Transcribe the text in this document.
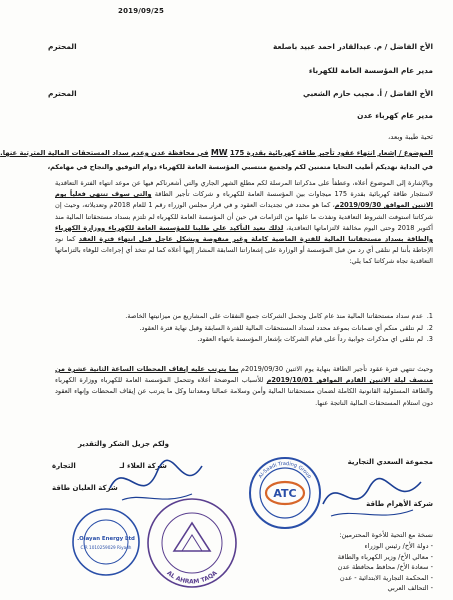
2019/09/25
الأخ الفاضل / م. عبدالقادر احمد عبيد باصلعة
المحترم
مدير عام المؤسسة العامة للكهرباء
الأخ الفاضل / أ. مجيب حازم الشعبي
المحترم
مدير عام كهرباء عدن
تحية طيبة وبعد،
الموضوع / إشعار انتهاء عقود تأجير طاقة كهربائية بقدرة 175 MW في محافظة عدن وعدم سداد المستحقات المالية المترتبة عنها.
في البداية نهديكم أطيب التحايا متمنين لكم ولجميع منتسبي المؤسسة العامة للكهرباء دوام التوفيق والنجاح في مهامكم،
وبالإشارة إلى الموضوع أعلاه، وعطفاً على مذكراتنا المرسلة لكم مطلع الشهر الجاري والتي أشعرناكم فيها عن موعد انتهاء الفترة التعاقدية لاستئجار طاقة كهربائية بقدرة 175 ميجاوات بين المؤسسة العامة للكهرباء و شركات تأجير الطاقة والتي سوف تنتهي فعلياً يوم الاثنين الموافق 2019/09/30م، كما هو محدد في تجديدات العقود و في قرار مجلس الوزراء رقم 1 للعام 2018م وتعديلاته، وحيث إن شركاتنا استوفت الشروط التعاقدية ونفذت ما عليها من التزامات في حين أن المؤسسة العامة للكهرباء لم تلتزم بسداد مستحقاتنا المالية منذ أكتوبر 2018 وحتى اليوم مخالفة لالتزاماتها التعاقدية، لذلك نعيد التأكيد على طلبنا للمؤسسة العامة للكهرباء ووزارة الكهرباء والطاقة بسداد مستحقاتنا المالية للفترة الماضية كاملة وغير منقوصة وبشكل عاجل قبل انتهاء فترة العقد كما نود الإحاطة بأننا لم نتلقى أي رد من قبل المؤسسة أو الوزارة على إشعاراتنا السابقة المشار إليها أعلاه كما لم تتخذ أي إجراءات للوفاء بالتزاماتها التعاقدية تجاه شركاتنا كما يلي:
1.
عدم سداد مستحقاتنا المالية منذ عام كامل وتحمل الشركات جميع النفقات على المشاريع من ميزانيتها الخاصة.
2.
لم نتلقى منكم أي ضمانات بموعد محدد لسداد المستحقات المالية للفترة السابقة وقبل نهاية فترة العقود.
3.
لم نتلقى اي مذكرات جوابية رداً على قيام الشركات بإشعار المؤسسة بانتهاء العقود.
وحيث تنتهي فترة عقود تأجير الطاقة بنهاية يوم الاثنين 2019/09/30م بما يترتب عليه إيقاف المحطات الساعة الثانية عشرة من منتصف ليلة الاثنين القادم الموافق 2019/10/01م للأسباب الموضحة أعلاه وتتحمل المؤسسة العامة للكهرباء ووزارة الكهرباء والطاقة المسئولية القانونية الكاملة لضمان مستحقاتنا المالية وأمن وسلامة عمالنا ومعداتنا وكل ما يترتب عن إيقاف المحطات وإنهاء العقود دون استلام المستحقات المالية الناتجة عنها.
ولكم جزيل الشكر والتقدير
مجموعة السعدي التجارية
شركة الأهرام طاقة
شركة العلاء لـ                  التجارة
شركة العليان طاقة	ATC
Al-Saadi Trading Group
AL AHRAM TAQA
Olayan Energy Ltd.
C.R 1010259029 Riyadh
نسخة مع التحية للأخوة المحترمين:
- دولة الأخ/ رئيس الوزراء
- معالي الأخ/ وزير الكهرباء والطاقة
- سعادة الأخ/ محافظ محافظة عدن
- المحكمة التجارية الابتدائية - عدن
- التحالف العربي
